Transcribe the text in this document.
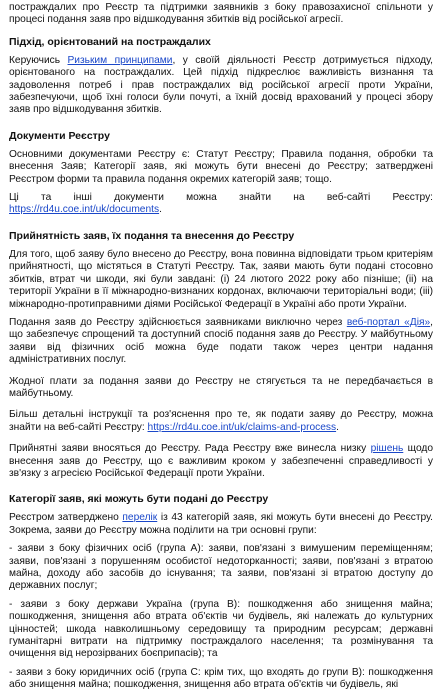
постраждалих про Реєстр та підтримки заявників з боку правозахисної спільноти у процесі подання заяв про відшкодування збитків від російської агресії.

Підхід, орієнтований на постраждалих

Керуючись Ризьким принципами, у своїй діяльності Реєстр дотримується підходу, орієнтованого на постраждалих. Цей підхід підкреслює важливість визнання та задоволення потреб і прав постраждалих від російської агресії проти України, забезпечуючи, щоб їхні голоси були почуті, а їхній досвід врахований у процесі збору заяв про відшкодування збитків.

Документи Реєстру

Основними документами Реєстру є: Статут Реєстру; Правила подання, обробки та внесення Заяв; Категорії заяв, які можуть бути внесені до Реєстру; затверджені Реєстром форми та правила подання окремих категорій заяв; тощо.

Ці та інші документи можна знайти на веб-сайті Реєстру: https://rd4u.coe.int/uk/documents.

Прийнятність заяв, їх подання та внесення до Реєстру

Для того, щоб заяву було внесено до Реєстру, вона повинна відповідати трьом критеріям прийнятності, що містяться в Статуті Реєстру. Так, заяви мають бути подані стосовно збитків, втрат чи шкоди, які були завдані: (i) 24 лютого 2022 року або пізніше; (ii) на території України в її міжнародно-визнаних кордонах, включаючи територіальні води; (iii) міжнародно-протиправними діями Російської Федерації в Україні або проти України.

Подання заяв до Реєстру здійснюється заявниками виключно через веб-портал «Дія», що забезпечує спрощений та доступний спосіб подання заяв до Реєстру. У майбутньому заяви від фізичних осіб можна буде подати також через центри надання адміністративних послуг.

Жодної плати за подання заяви до Реєстру не стягується та не передбачається в майбутньому.

Більш детальні інструкції та роз'яснення про те, як подати заяву до Реєстру, можна знайти на веб-сайті Реєстру: https://rd4u.coe.int/uk/claims-and-process.

Прийнятні заяви вносяться до Реєстру. Рада Реєстру вже винесла низку рішень щодо внесення заяв до Реєстру, що є важливим кроком у забезпеченні справедливості у зв'язку з агресією Російської Федерації проти України.

Категорії заяв, які можуть бути подані до Реєстру

Реєстром затверджено перелік із 43 категорій заяв, які можуть бути внесені до Реєстру. Зокрема, заяви до Реєстру можна поділити на три основні групи:

- заяви з боку фізичних осіб (група А): заяви, пов'язані з вимушеним переміщенням; заяви, пов'язані з порушенням особистої недоторканності; заяви, пов'язані з втратою майна, доходу або засобів до існування; та заяви, пов'язані зі втратою доступу до державних послуг;

- заяви з боку держави Україна (група В): пошкодження або знищення майна; пошкодження, знищення або втрата об'єктів чи будівель, які належать до культурних цінностей; шкода навколишньому середовищу та природним ресурсам; державні гуманітарні витрати на підтримку постраждалого населення; та розмінування та очищення від нерозірваних боєприпасів); та

- заяви з боку юридичних осіб (група С: крім тих, що входять до групи В): пошкодження або знищення майна; пошкодження, знищення або втрата об'єктів чи будівель, які
